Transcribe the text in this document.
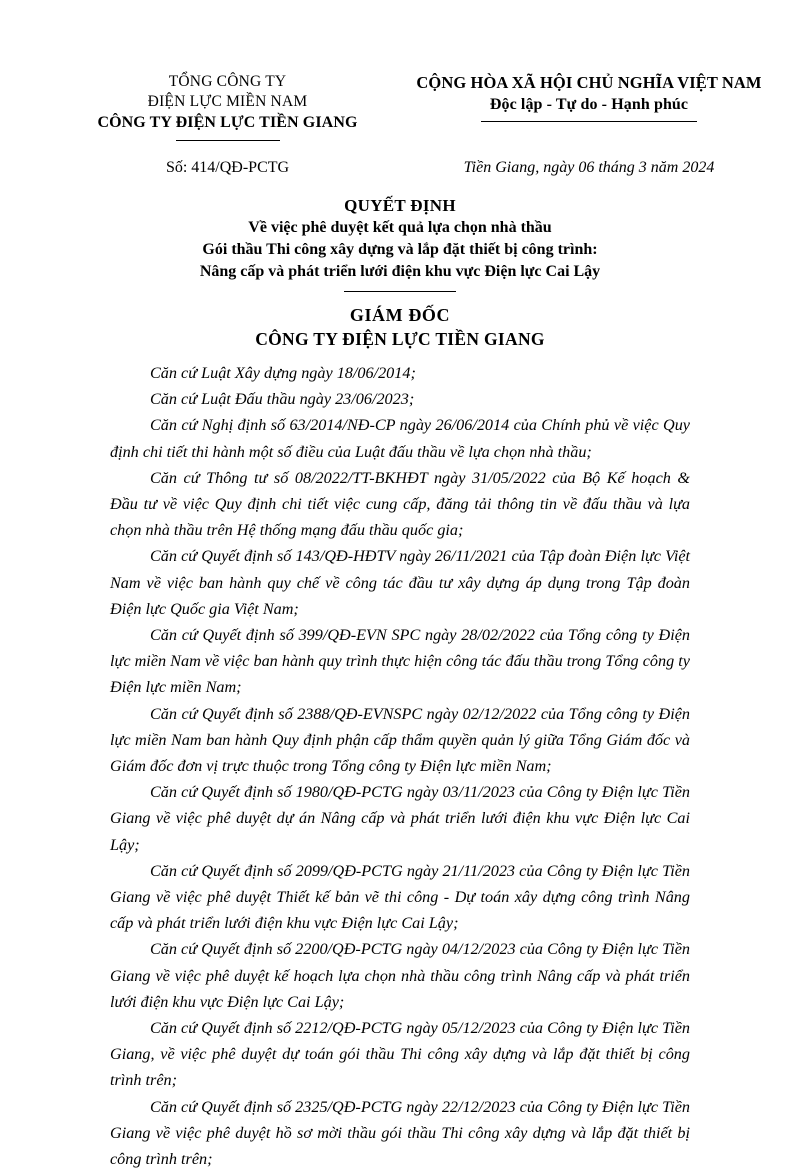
TỔNG CÔNG TY
ĐIỆN LỰC MIỀN NAM
CÔNG TY ĐIỆN LỰC TIỀN GIANG
CỘNG HÒA XÃ HỘI CHỦ NGHĨA VIỆT NAM
Độc lập - Tự do - Hạnh phúc
Số: 414/QĐ-PCTG	Tiền Giang, ngày 06 tháng 3 năm 2024
QUYẾT ĐỊNH
Về việc phê duyệt kết quả lựa chọn nhà thầu
Gói thầu Thi công xây dựng và lắp đặt thiết bị công trình:
Nâng cấp và phát triển lưới điện khu vực Điện lực Cai Lậy
GIÁM ĐỐC
CÔNG TY ĐIỆN LỰC TIỀN GIANG

Căn cứ Luật Xây dựng ngày 18/06/2014;

Căn cứ Luật Đấu thầu ngày 23/06/2023;

Căn cứ Nghị định số 63/2014/NĐ-CP ngày 26/06/2014 của Chính phủ về việc Quy định chi tiết thi hành một số điều của Luật đấu thầu về lựa chọn nhà thầu;

Căn cứ Thông tư số 08/2022/TT-BKHĐT ngày 31/05/2022 của Bộ Kế hoạch & Đầu tư về việc Quy định chi tiết việc cung cấp, đăng tải thông tin về đấu thầu và lựa chọn nhà thầu trên Hệ thống mạng đấu thầu quốc gia;

Căn cứ Quyết định số 143/QĐ-HĐTV ngày 26/11/2021 của Tập đoàn Điện lực Việt Nam về việc ban hành quy chế về công tác đầu tư xây dựng áp dụng trong Tập đoàn Điện lực Quốc gia Việt Nam;

Căn cứ Quyết định số 399/QĐ-EVN SPC ngày 28/02/2022 của Tổng công ty Điện lực miền Nam về việc ban hành quy trình thực hiện công tác đấu thầu trong Tổng công ty Điện lực miền Nam;

Căn cứ Quyết định số 2388/QĐ-EVNSPC ngày 02/12/2022 của Tổng công ty Điện lực miền Nam ban hành Quy định phận cấp thẩm quyền quản lý giữa Tổng Giám đốc và Giám đốc đơn vị trực thuộc trong Tổng công ty Điện lực miền Nam;

Căn cứ Quyết định số 1980/QĐ-PCTG ngày 03/11/2023 của Công ty Điện lực Tiền Giang về việc phê duyệt dự án Nâng cấp và phát triển lưới điện khu vực Điện lực Cai Lậy;

Căn cứ Quyết định số 2099/QĐ-PCTG ngày 21/11/2023 của Công ty Điện lực Tiền Giang về việc phê duyệt Thiết kế bản vẽ thi công - Dự toán xây dựng công trình Nâng cấp và phát triển lưới điện khu vực Điện lực Cai Lậy;

Căn cứ Quyết định số 2200/QĐ-PCTG ngày 04/12/2023 của Công ty Điện lực Tiền Giang về việc phê duyệt kế hoạch lựa chọn nhà thầu công trình Nâng cấp và phát triển lưới điện khu vực Điện lực Cai Lậy;

Căn cứ Quyết định số 2212/QĐ-PCTG ngày 05/12/2023 của Công ty Điện lực Tiền Giang, về việc phê duyệt dự toán gói thầu Thi công xây dựng và lắp đặt thiết bị công trình trên;

Căn cứ Quyết định số 2325/QĐ-PCTG ngày 22/12/2023 của Công ty Điện lực Tiền Giang về việc phê duyệt hồ sơ mời thầu gói thầu Thi công xây dựng và lắp đặt thiết bị công trình trên;
